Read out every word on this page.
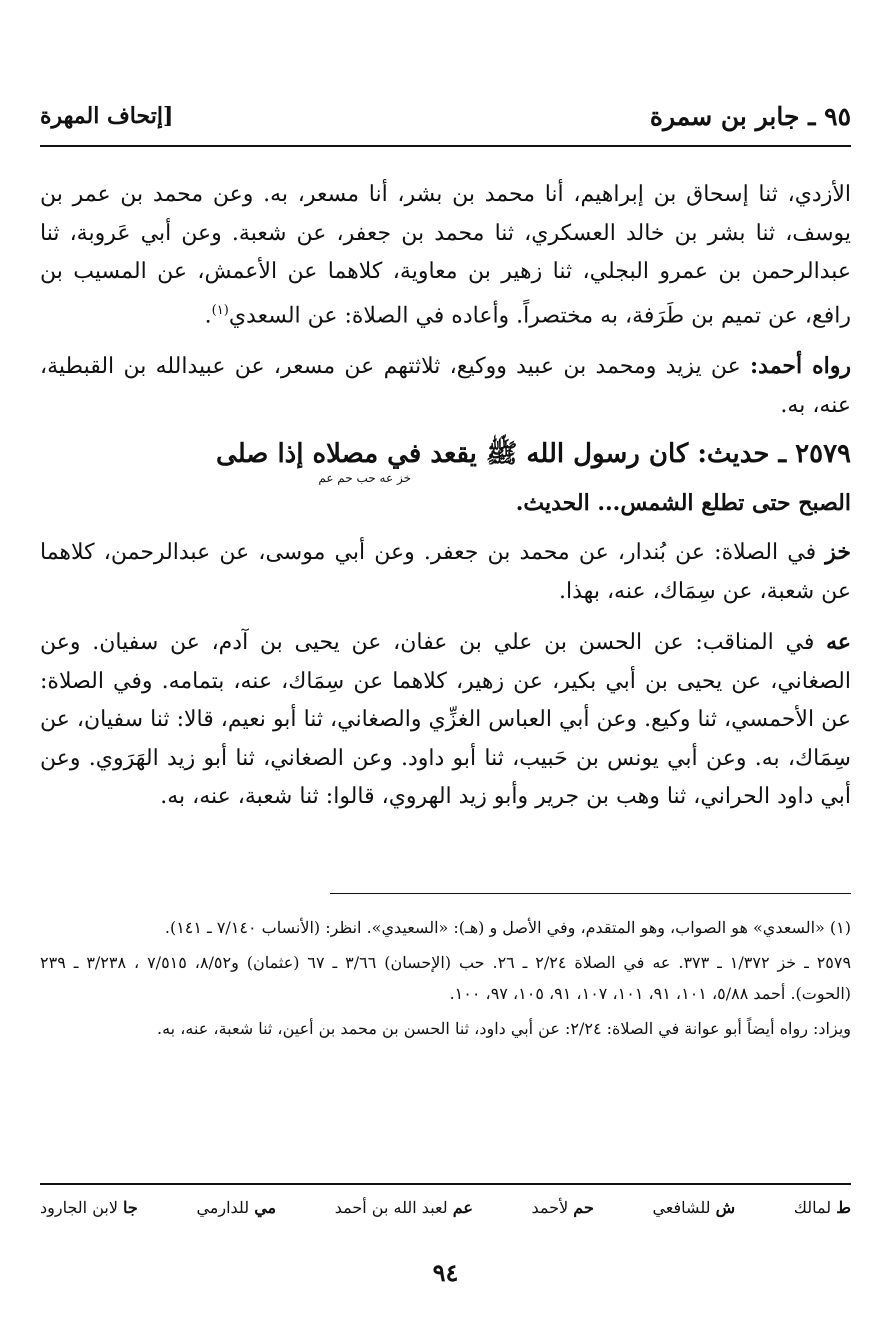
٩٥ ـ جابر بن سمرة
[إتحاف المهرة

الأزدي، ثنا إسحاق بن إبراهيم، أنا محمد بن بشر، أنا مسعر، به. وعن محمد بن عمر بن يوسف، ثنا بشر بن خالد العسكري، ثنا محمد بن جعفر، عن شعبة. وعن أبي عَروبة، ثنا عبدالرحمن بن عمرو البجلي، ثنا زهير بن معاوية، كلاهما عن الأعمش، عن المسيب بن رافع، عن تميم بن طَرَفة، به مختصراً. وأعاده في الصلاة: عن السعدي$^{(١)}$.

رواه أحمد: عن يزيد ومحمد بن عبيد ووكيع، ثلاثتهم عن مسعر، عن عبيدالله بن القبطية، عنه، به.

٢٥٧٩ ـ حديث: كان رسول الله ﷺ يقعد في مصلاه إذا صلى
خز عه حب حم عم
الصبح حتى تطلع الشمس... الحديث.

خز في الصلاة: عن بُندار، عن محمد بن جعفر. وعن أبي موسى، عن عبدالرحمن، كلاهما عن شعبة، عن سِمَاك، عنه، بهذا.

عه في المناقب: عن الحسن بن علي بن عفان، عن يحيى بن آدم، عن سفيان. وعن الصغاني، عن يحيى بن أبي بكير، عن زهير، كلاهما عن سِمَاك، عنه، بتمامه. وفي الصلاة: عن الأحمسي، ثنا وكيع. وعن أبي العباس الغزِّي والصغاني، ثنا أبو نعيم، قالا: ثنا سفيان، عن سِمَاك، به. وعن أبي يونس بن حَبيب، ثنا أبو داود. وعن الصغاني، ثنا أبو زيد الهَرَوي. وعن أبي داود الحراني، ثنا وهب بن جرير وأبو زيد الهروي، قالوا: ثنا شعبة، عنه، به.

(١) «السعدي» هو الصواب، وهو المتقدم، وفي الأصل و (هـ): «السعيدي». انظر: (الأنساب ٧/١٤٠ ـ ١٤١).

٢٥٧٩ ـ خز ١/٣٧٢ ـ ٣٧٣. عه في الصلاة ٢/٢٤ ـ ٢٦. حب (الإحسان) ٣/٦٦ ـ ٦٧ (عثمان) و٨/٥٢، ٧/٥١٥ ، ٣/٢٣٨ ـ ٢٣٩ (الحوت). أحمد ٥/٨٨، ١٠١، ٩١، ١٠١، ١٠٧، ٩١، ١٠٥، ٩٧، ١٠٠.

ويزاد: رواه أيضاً أبو عوانة في الصلاة: ٢/٢٤: عن أبي داود، ثنا الحسن بن محمد بن أعين، ثنا شعبة، عنه، به.

ط لمالك
ش للشافعي
حم لأحمد
عم لعبد الله بن أحمد
مي للدارمي
جا لابن الجارود
٩٤
